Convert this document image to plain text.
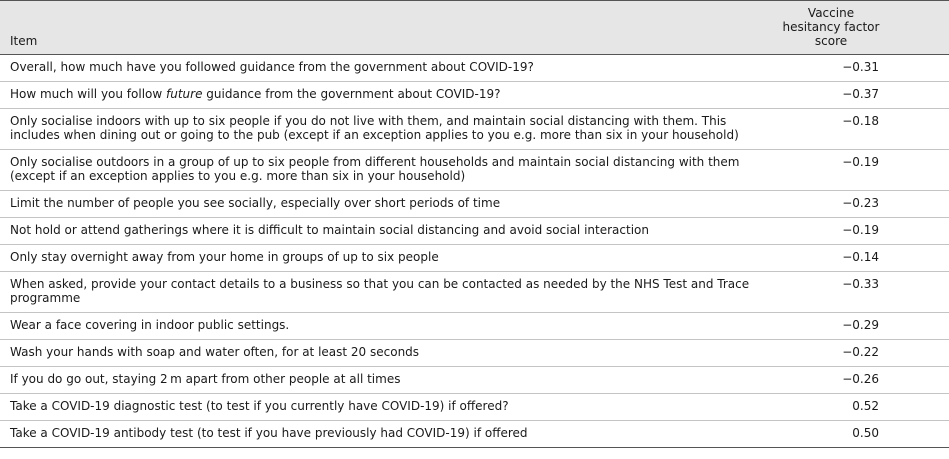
Item	Vaccine hesitancy factor score
Overall, how much have you followed guidance from the government about COVID-19?	−0.31
How much will you follow future guidance from the government about COVID-19?	−0.37
Only socialise indoors with up to six people if you do not live with them, and maintain social distancing with them. This includes when dining out or going to the pub (except if an exception applies to you e.g. more than six in your household)	−0.18
Only socialise outdoors in a group of up to six people from different households and maintain social distancing with them (except if an exception applies to you e.g. more than six in your household)	−0.19
Limit the number of people you see socially, especially over short periods of time	−0.23
Not hold or attend gatherings where it is difficult to maintain social distancing and avoid social interaction	−0.19
Only stay overnight away from your home in groups of up to six people	−0.14
When asked, provide your contact details to a business so that you can be contacted as needed by the NHS Test and Trace programme	−0.33
Wear a face covering in indoor public settings.	−0.29
Wash your hands with soap and water often, for at least 20 seconds	−0.22
If you do go out, staying 2 m apart from other people at all times	−0.26
Take a COVID-19 diagnostic test (to test if you currently have COVID-19) if offered?	0.52
Take a COVID-19 antibody test (to test if you have previously had COVID-19) if offered	0.50
